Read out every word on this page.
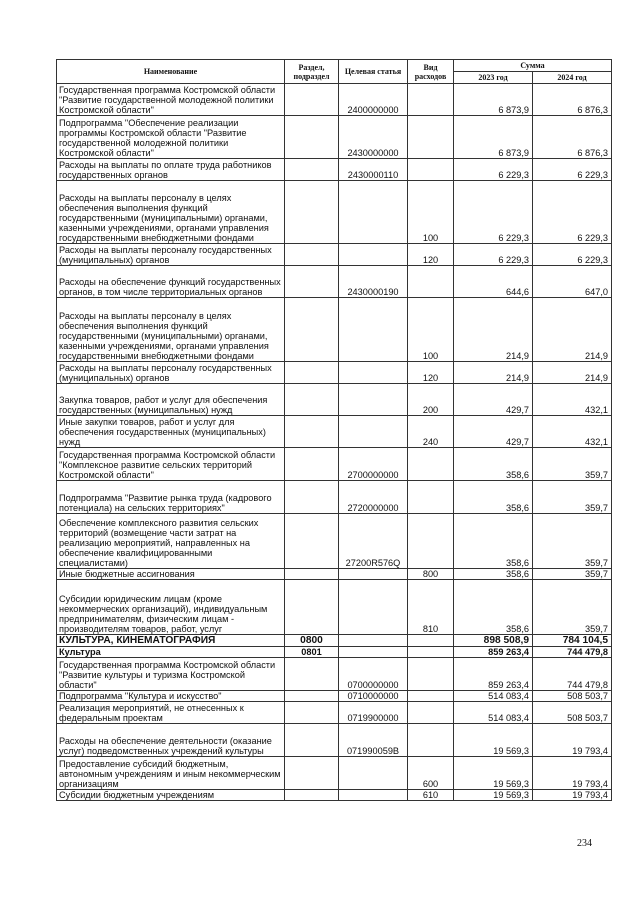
Наименование	Раздел, подраздел	Целевая статья	Вид расходов	Сумма	
				2023 год	2024 год
Государственная программа Костромской области "Развитие государственной молодежной политики Костромской области"		2400000000		6 873,9	6 876,3
Подпрограмма "Обеспечение реализации программы Костромской области "Развитие государственной молодежной политики Костромской области"		2430000000		6 873,9	6 876,3
Расходы на выплаты по оплате труда работников государственных органов		2430000110		6 229,3	6 229,3
Расходы на выплаты персоналу в целях обеспечения выполнения функций государственными (муниципальными) органами, казенными учреждениями, органами управления государственными внебюджетными фондами			100	6 229,3	6 229,3
Расходы на выплаты персоналу государственных (муниципальных) органов			120	6 229,3	6 229,3
Расходы на обеспечение функций государственных органов, в том числе территориальных органов		2430000190		644,6	647,0
Расходы на выплаты персоналу в целях обеспечения выполнения функций государственными (муниципальными) органами, казенными учреждениями, органами управления государственными внебюджетными фондами			100	214,9	214,9
Расходы на выплаты персоналу государственных (муниципальных) органов			120	214,9	214,9
Закупка товаров, работ и услуг для обеспечения государственных (муниципальных) нужд			200	429,7	432,1
Иные закупки товаров, работ и услуг для обеспечения государственных (муниципальных) нужд			240	429,7	432,1
Государственная программа Костромской области "Комплексное развитие сельских территорий Костромской области"		2700000000		358,6	359,7
Подпрограмма "Развитие рынка труда (кадрового потенциала) на сельских территориях"		2720000000		358,6	359,7
Обеспечение комплексного развития сельских территорий (возмещение части затрат на реализацию мероприятий, направленных на обеспечение квалифицированными специалистами)		27200R576Q		358,6	359,7
Иные бюджетные ассигнования			800	358,6	359,7
Субсидии юридическим лицам (кроме некоммерческих организаций), индивидуальным предпринимателям, физическим лицам - производителям товаров, работ, услуг			810	358,6	359,7
КУЛЬТУРА, КИНЕМАТОГРАФИЯ	0800			898 508,9	784 104,5
Культура	0801			859 263,4	744 479,8
Государственная программа Костромской области "Развитие культуры и туризма Костромской области"		0700000000		859 263,4	744 479,8
Подпрограмма "Культура и искусство"		0710000000		514 083,4	508 503,7
Реализация мероприятий, не отнесенных к федеральным проектам		0719900000		514 083,4	508 503,7
Расходы на обеспечение деятельности (оказание услуг) подведомственных учреждений культуры		071990059B		19 569,3	19 793,4
Предоставление субсидий бюджетным, автономным учреждениям и иным некоммерческим организациям			600	19 569,3	19 793,4
Субсидии бюджетным учреждениям			610	19 569,3	19 793,4
234
